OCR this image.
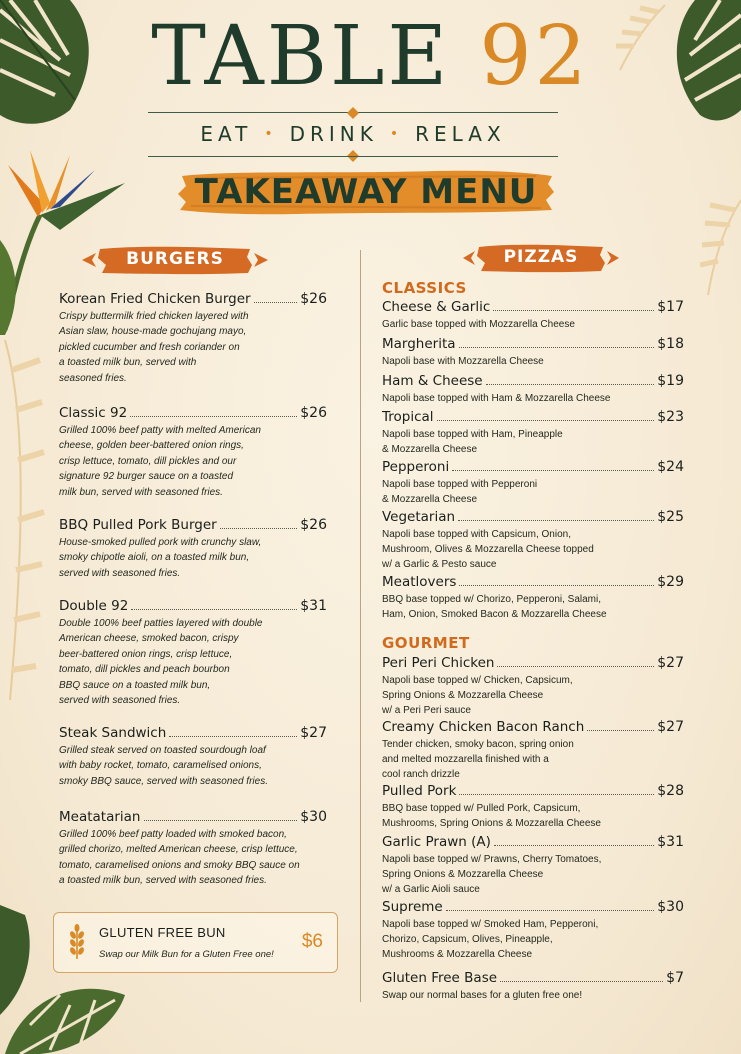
TABLE 92
EAT • DRINK • RELAX
TAKEAWAY MENU
BURGERS	PIZZAS
Korean Fried Chicken Burger	$26
Crispy buttermilk fried chicken layered with
Asian slaw, house-made gochujang mayo,
pickled cucumber and fresh coriander on
a toasted milk bun, served with
seasoned fries.
Classic 92	$26
Grilled 100% beef patty with melted American
cheese, golden beer-battered onion rings,
crisp lettuce, tomato, dill pickles and our
signature 92 burger sauce on a toasted
milk bun, served with seasoned fries.
BBQ Pulled Pork Burger	$26
House-smoked pulled pork with crunchy slaw,
smoky chipotle aioli, on a toasted milk bun,
served with seasoned fries.
Double 92	$31
Double 100% beef patties layered with double
American cheese, smoked bacon, crispy
beer-battered onion rings, crisp lettuce,
tomato, dill pickles and peach bourbon
BBQ sauce on a toasted milk bun,
served with seasoned fries.
Steak Sandwich	$27
Grilled steak served on toasted sourdough loaf
with baby rocket, tomato, caramelised onions,
smoky BBQ sauce, served with seasoned fries.
Meatatarian	$30
Grilled 100% beef patty loaded with smoked bacon,
grilled chorizo, melted American cheese, crisp lettuce,
tomato, caramelised onions and smoky BBQ sauce on
a toasted milk bun, served with seasoned fries.
GLUTEN FREE BUN
Swap our Milk Bun for a Gluten Free one!
$6
CLASSICS
Cheese & Garlic	$17
Garlic base topped with Mozzarella Cheese
Margherita	$18
Napoli base with Mozzarella Cheese
Ham & Cheese	$19
Napoli base topped with Ham & Mozzarella Cheese
Tropical	$23
Napoli base topped with Ham, Pineapple
& Mozzarella Cheese
Pepperoni	$24
Napoli base topped with Pepperoni
& Mozzarella Cheese
Vegetarian	$25
Napoli base topped with Capsicum, Onion,
Mushroom, Olives & Mozzarella Cheese topped
w/ a Garlic & Pesto sauce
Meatlovers	$29
BBQ base topped w/ Chorizo, Pepperoni, Salami,
Ham, Onion, Smoked Bacon & Mozzarella Cheese
GOURMET
Peri Peri Chicken	$27
Napoli base topped w/ Chicken, Capsicum,
Spring Onions & Mozzarella Cheese
w/ a Peri Peri sauce
Creamy Chicken Bacon Ranch	$27
Tender chicken, smoky bacon, spring onion
and melted mozzarella finished with a
cool ranch drizzle
Pulled Pork	$28
BBQ base topped w/ Pulled Pork, Capsicum,
Mushrooms, Spring Onions & Mozzarella Cheese
Garlic Prawn (A)	$31
Napoli base topped w/ Prawns, Cherry Tomatoes,
Spring Onions & Mozzarella Cheese
w/ a Garlic Aioli sauce
Supreme	$30
Napoli base topped w/ Smoked Ham, Pepperoni,
Chorizo, Capsicum, Olives, Pineapple,
Mushrooms & Mozzarella Cheese
Gluten Free Base	$7
Swap our normal bases for a gluten free one!
